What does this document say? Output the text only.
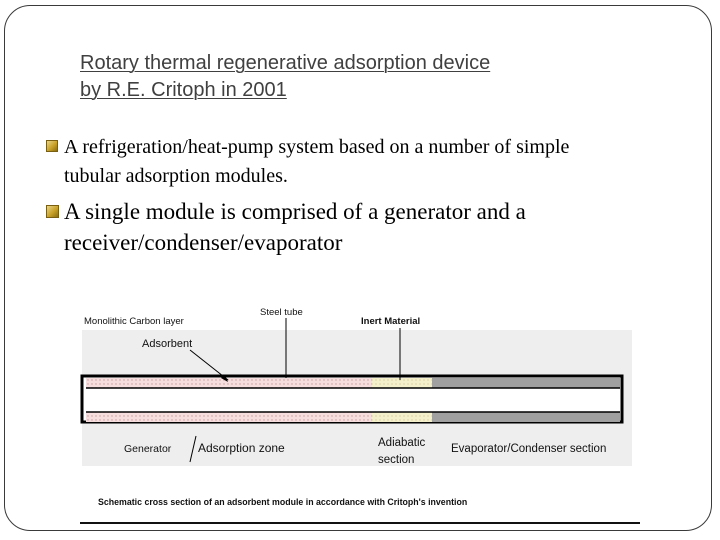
Rotary thermal regenerative adsorption device
by R.E. Critoph in 2001
A refrigeration/heat-pump system based on a number of simple
tubular adsorption modules.
A single module is comprised of a generator and a
receiver/condenser/evaporator
Monolithic Carbon layer
Steel tube
Inert Material
Adsorbent
Generator Adsorption zone	Adiabatic
section
Evaporator/Condenser section
Schematic cross section of an adsorbent module in accordance with Critoph's invention
